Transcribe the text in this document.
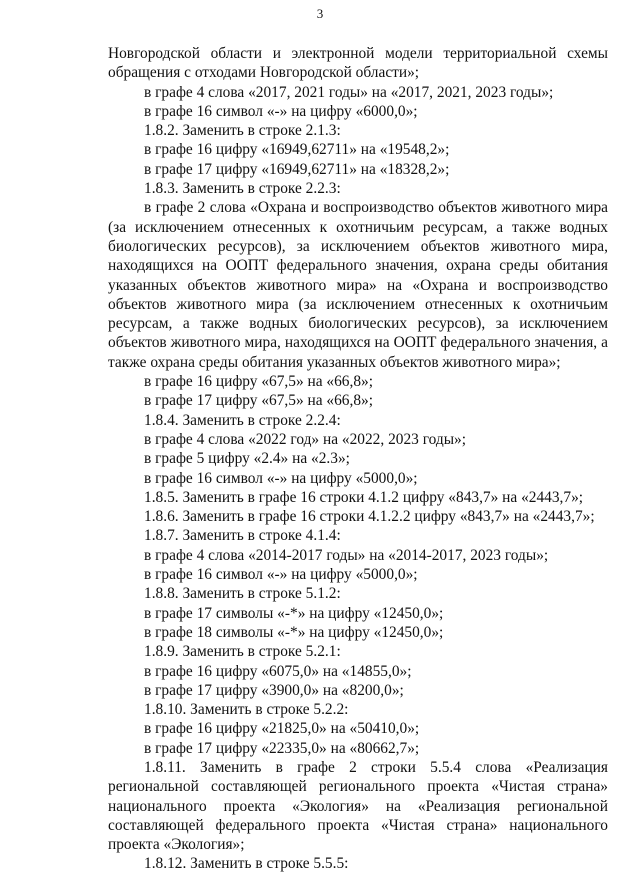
3

Новгородской области и электронной модели территориальной схемы

обращения с отходами Новгородской области»;

в графе 4 слова «2017, 2021 годы» на «2017, 2021, 2023 годы»;

в графе 16 символ «-» на цифру «6000,0»;

1.8.2. Заменить в строке 2.1.3:

в графе 16 цифру «16949,62711» на «19548,2»;

в графе 17 цифру «16949,62711» на «18328,2»;

1.8.3. Заменить в строке 2.2.3:

в графе 2 слова «Охрана и воспроизводство объектов животного мира

(за исключением отнесенных к охотничьим ресурсам, а также водных

биологических ресурсов), за исключением объектов животного мира,

находящихся на ООПТ федерального значения, охрана среды обитания

указанных объектов животного мира» на «Охрана и воспроизводство

объектов животного мира (за исключением отнесенных к охотничьим

ресурсам, а также водных биологических ресурсов), за исключением

объектов животного мира, находящихся на ООПТ федерального значения, а

также охрана среды обитания указанных объектов животного мира»;

в графе 16 цифру «67,5» на «66,8»;

в графе 17 цифру «67,5» на «66,8»;

1.8.4. Заменить в строке 2.2.4:

в графе 4 слова «2022 год» на «2022, 2023 годы»;

в графе 5 цифру «2.4» на «2.3»;

в графе 16 символ «-» на цифру «5000,0»;

1.8.5. Заменить в графе 16 строки 4.1.2 цифру «843,7» на «2443,7»;

1.8.6. Заменить в графе 16 строки 4.1.2.2 цифру «843,7» на «2443,7»;

1.8.7. Заменить в строке 4.1.4:

в графе 4 слова «2014-2017 годы» на «2014-2017, 2023 годы»;

в графе 16 символ «-» на цифру «5000,0»;

1.8.8. Заменить в строке 5.1.2:

в графе 17 символы «-*» на цифру «12450,0»;

в графе 18 символы «-*» на цифру «12450,0»;

1.8.9. Заменить в строке 5.2.1:

в графе 16 цифру «6075,0» на «14855,0»;

в графе 17 цифру «3900,0» на «8200,0»;

1.8.10. Заменить в строке 5.2.2:

в графе 16 цифру «21825,0» на «50410,0»;

в графе 17 цифру «22335,0» на «80662,7»;

1.8.11. Заменить в графе 2 строки 5.5.4 слова «Реализация

региональной составляющей регионального проекта «Чистая страна»

национального проекта «Экология» на «Реализация региональной

составляющей федерального проекта «Чистая страна» национального

проекта «Экология»;

1.8.12. Заменить в строке 5.5.5:
